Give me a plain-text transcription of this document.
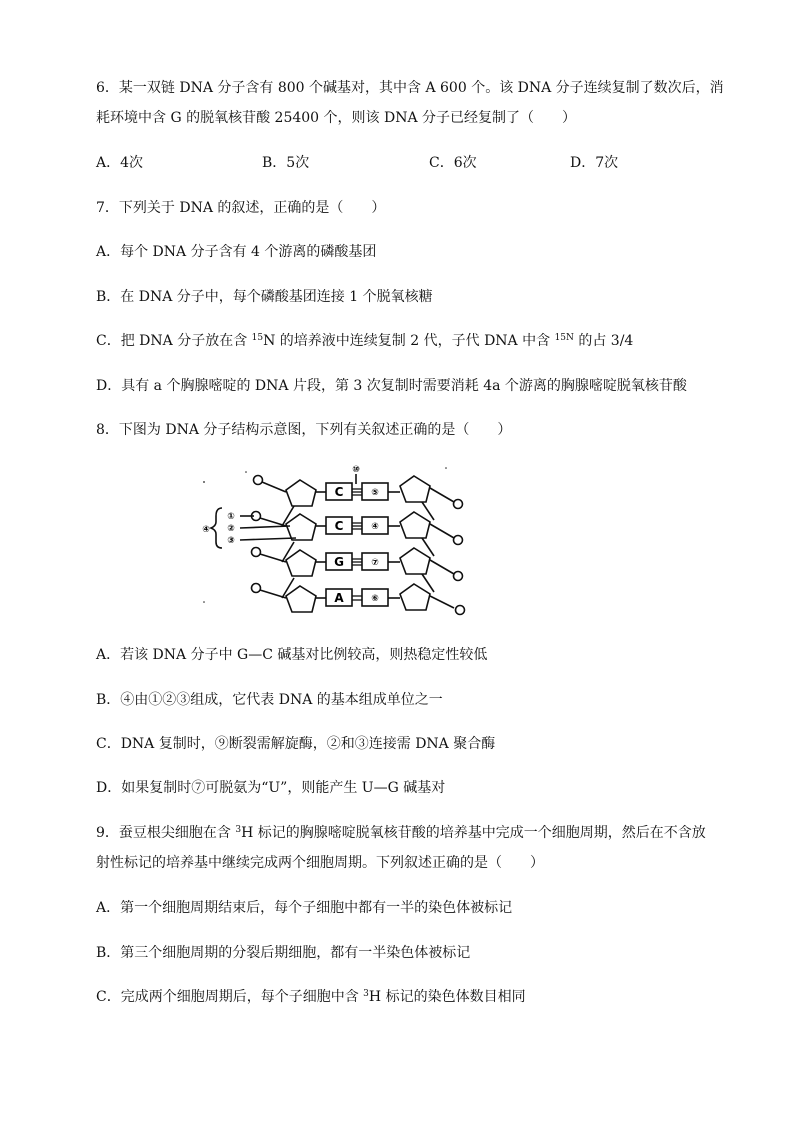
6．某一双链 DNA 分子含有 800 个碱基对，其中含 A 600 个。该 DNA 分子连续复制了数次后，消
耗环境中含 G 的脱氧核苷酸 25400 个，则该 DNA 分子已经复制了（　　）
A．4次	B．5次	C．6次	D．7次
7．下列关于 DNA 的叙述，正确的是（　　）
A．每个 DNA 分子含有 4 个游离的磷酸基团
B．在 DNA 分子中，每个磷酸基团连接 1 个脱氧核糖
C．把 DNA 分子放在含 $^{15}$N 的培养液中连续复制 2 代，子代 DNA 中含 $^{15N}$ 的占 3/4
D．具有 a 个胸腺嘧啶的 DNA 片段，第 3 次复制时需要消耗 4a 个游离的胸腺嘧啶脱氧核苷酸
8．下图为 DNA 分子结构示意图，下列有关叙述正确的是（　　）
C
C
G
A
⑤
④
⑦
⑥
⑩
④
①
②
③
A．若该 DNA 分子中 G—C 碱基对比例较高，则热稳定性较低
B．④由①②③组成，它代表 DNA 的基本组成单位之一
C．DNA 复制时，⑨断裂需解旋酶，②和③连接需 DNA 聚合酶
D．如果复制时⑦可脱氨为“U”，则能产生 U—G 碱基对
9．蚕豆根尖细胞在含 $^3$H 标记的胸腺嘧啶脱氧核苷酸的培养基中完成一个细胞周期，然后在不含放
射性标记的培养基中继续完成两个细胞周期。下列叙述正确的是（　　）
A．第一个细胞周期结束后，每个子细胞中都有一半的染色体被标记
B．第三个细胞周期的分裂后期细胞，都有一半染色体被标记
C．完成两个细胞周期后，每个子细胞中含 $^3$H 标记的染色体数目相同
